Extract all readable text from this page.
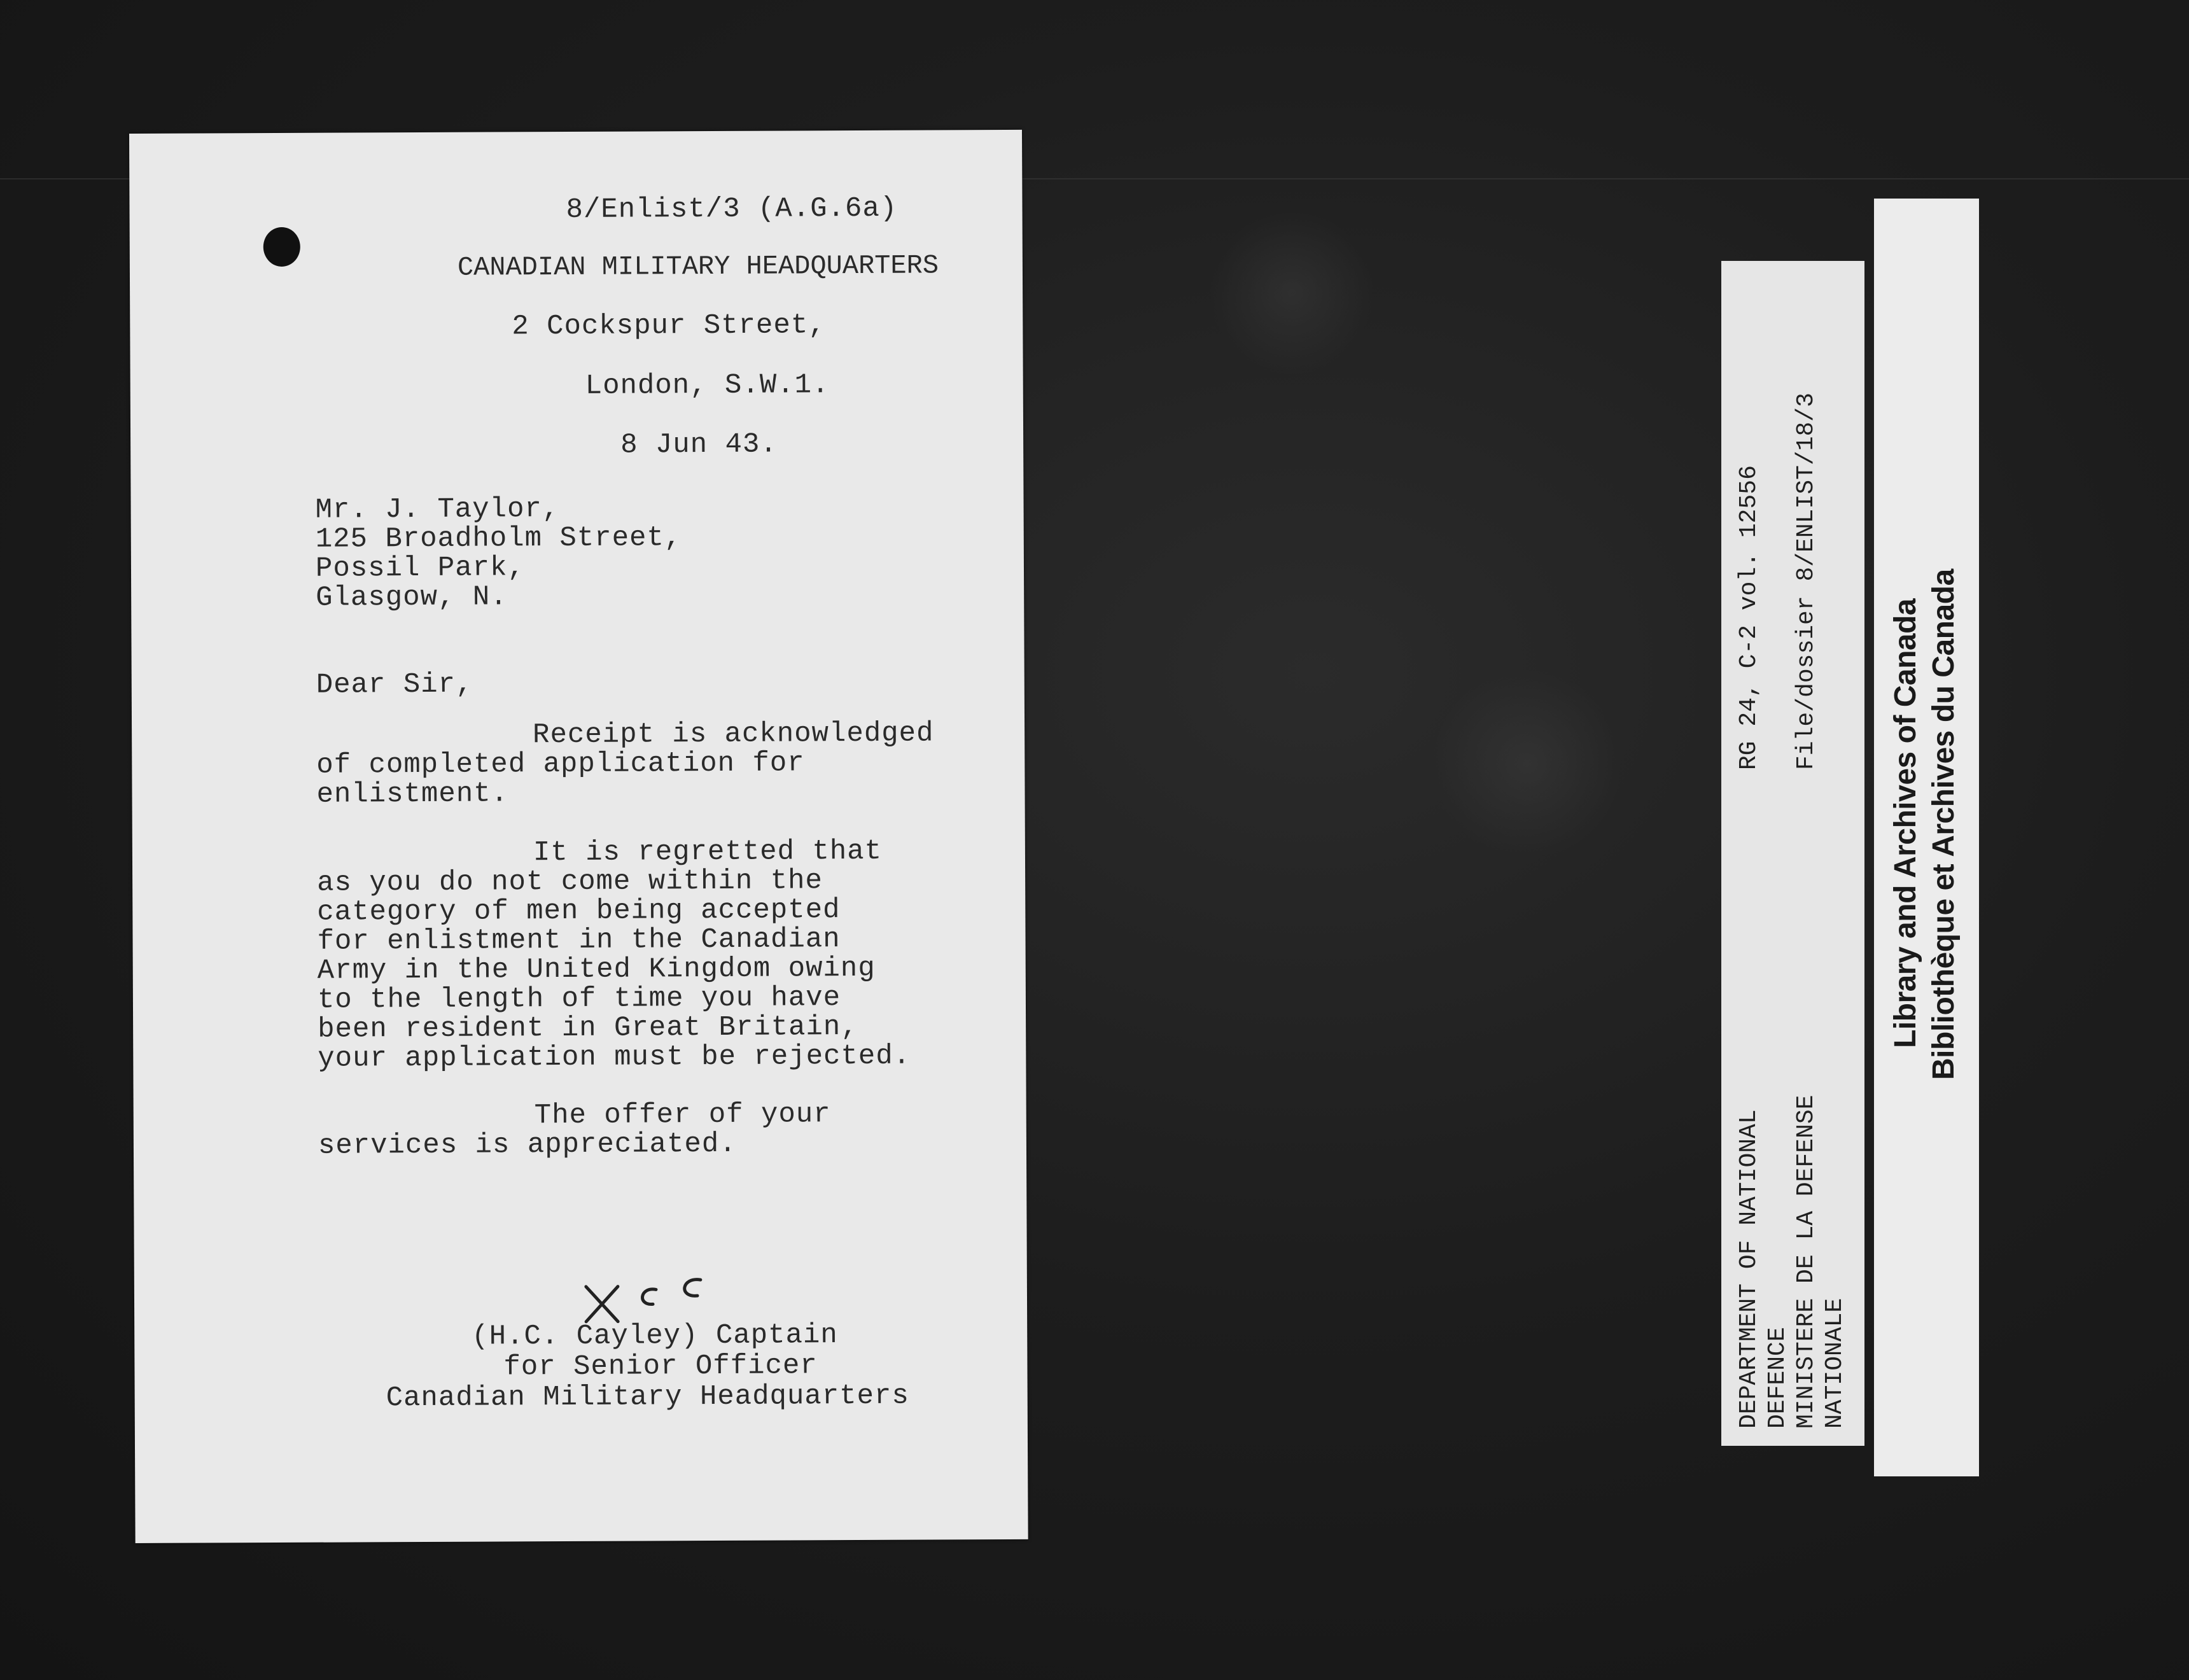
8/Enlist/3 (A.G.6a)
CANADIAN MILITARY HEADQUARTERS
2 Cockspur Street,
London, S.W.1.
8 Jun 43.
Mr. J. Taylor,
125 Broadholm Street,
Possil Park,
Glasgow, N.
Dear Sir,
Receipt is acknowledged
of completed application for
enlistment.
It is regretted that
as you do not come within the
category of men being accepted
for enlistment in the Canadian
Army in the United Kingdom owing
to the length of time you have
been resident in Great Britain,
your application must be rejected.
The offer of your
services is appreciated.
(H.C. Cayley) Captain
for Senior Officer
Canadian Military Headquarters	DEPARTMENT OF NATIONAL DEFENCE MINISTERE DE LA DEFENSE NATIONALE
RG 24, C-2 vol. 12556 File/dossier 8/ENLIST/18/3
Library and Archives of Canada Bibliothèque et Archives du Canada
